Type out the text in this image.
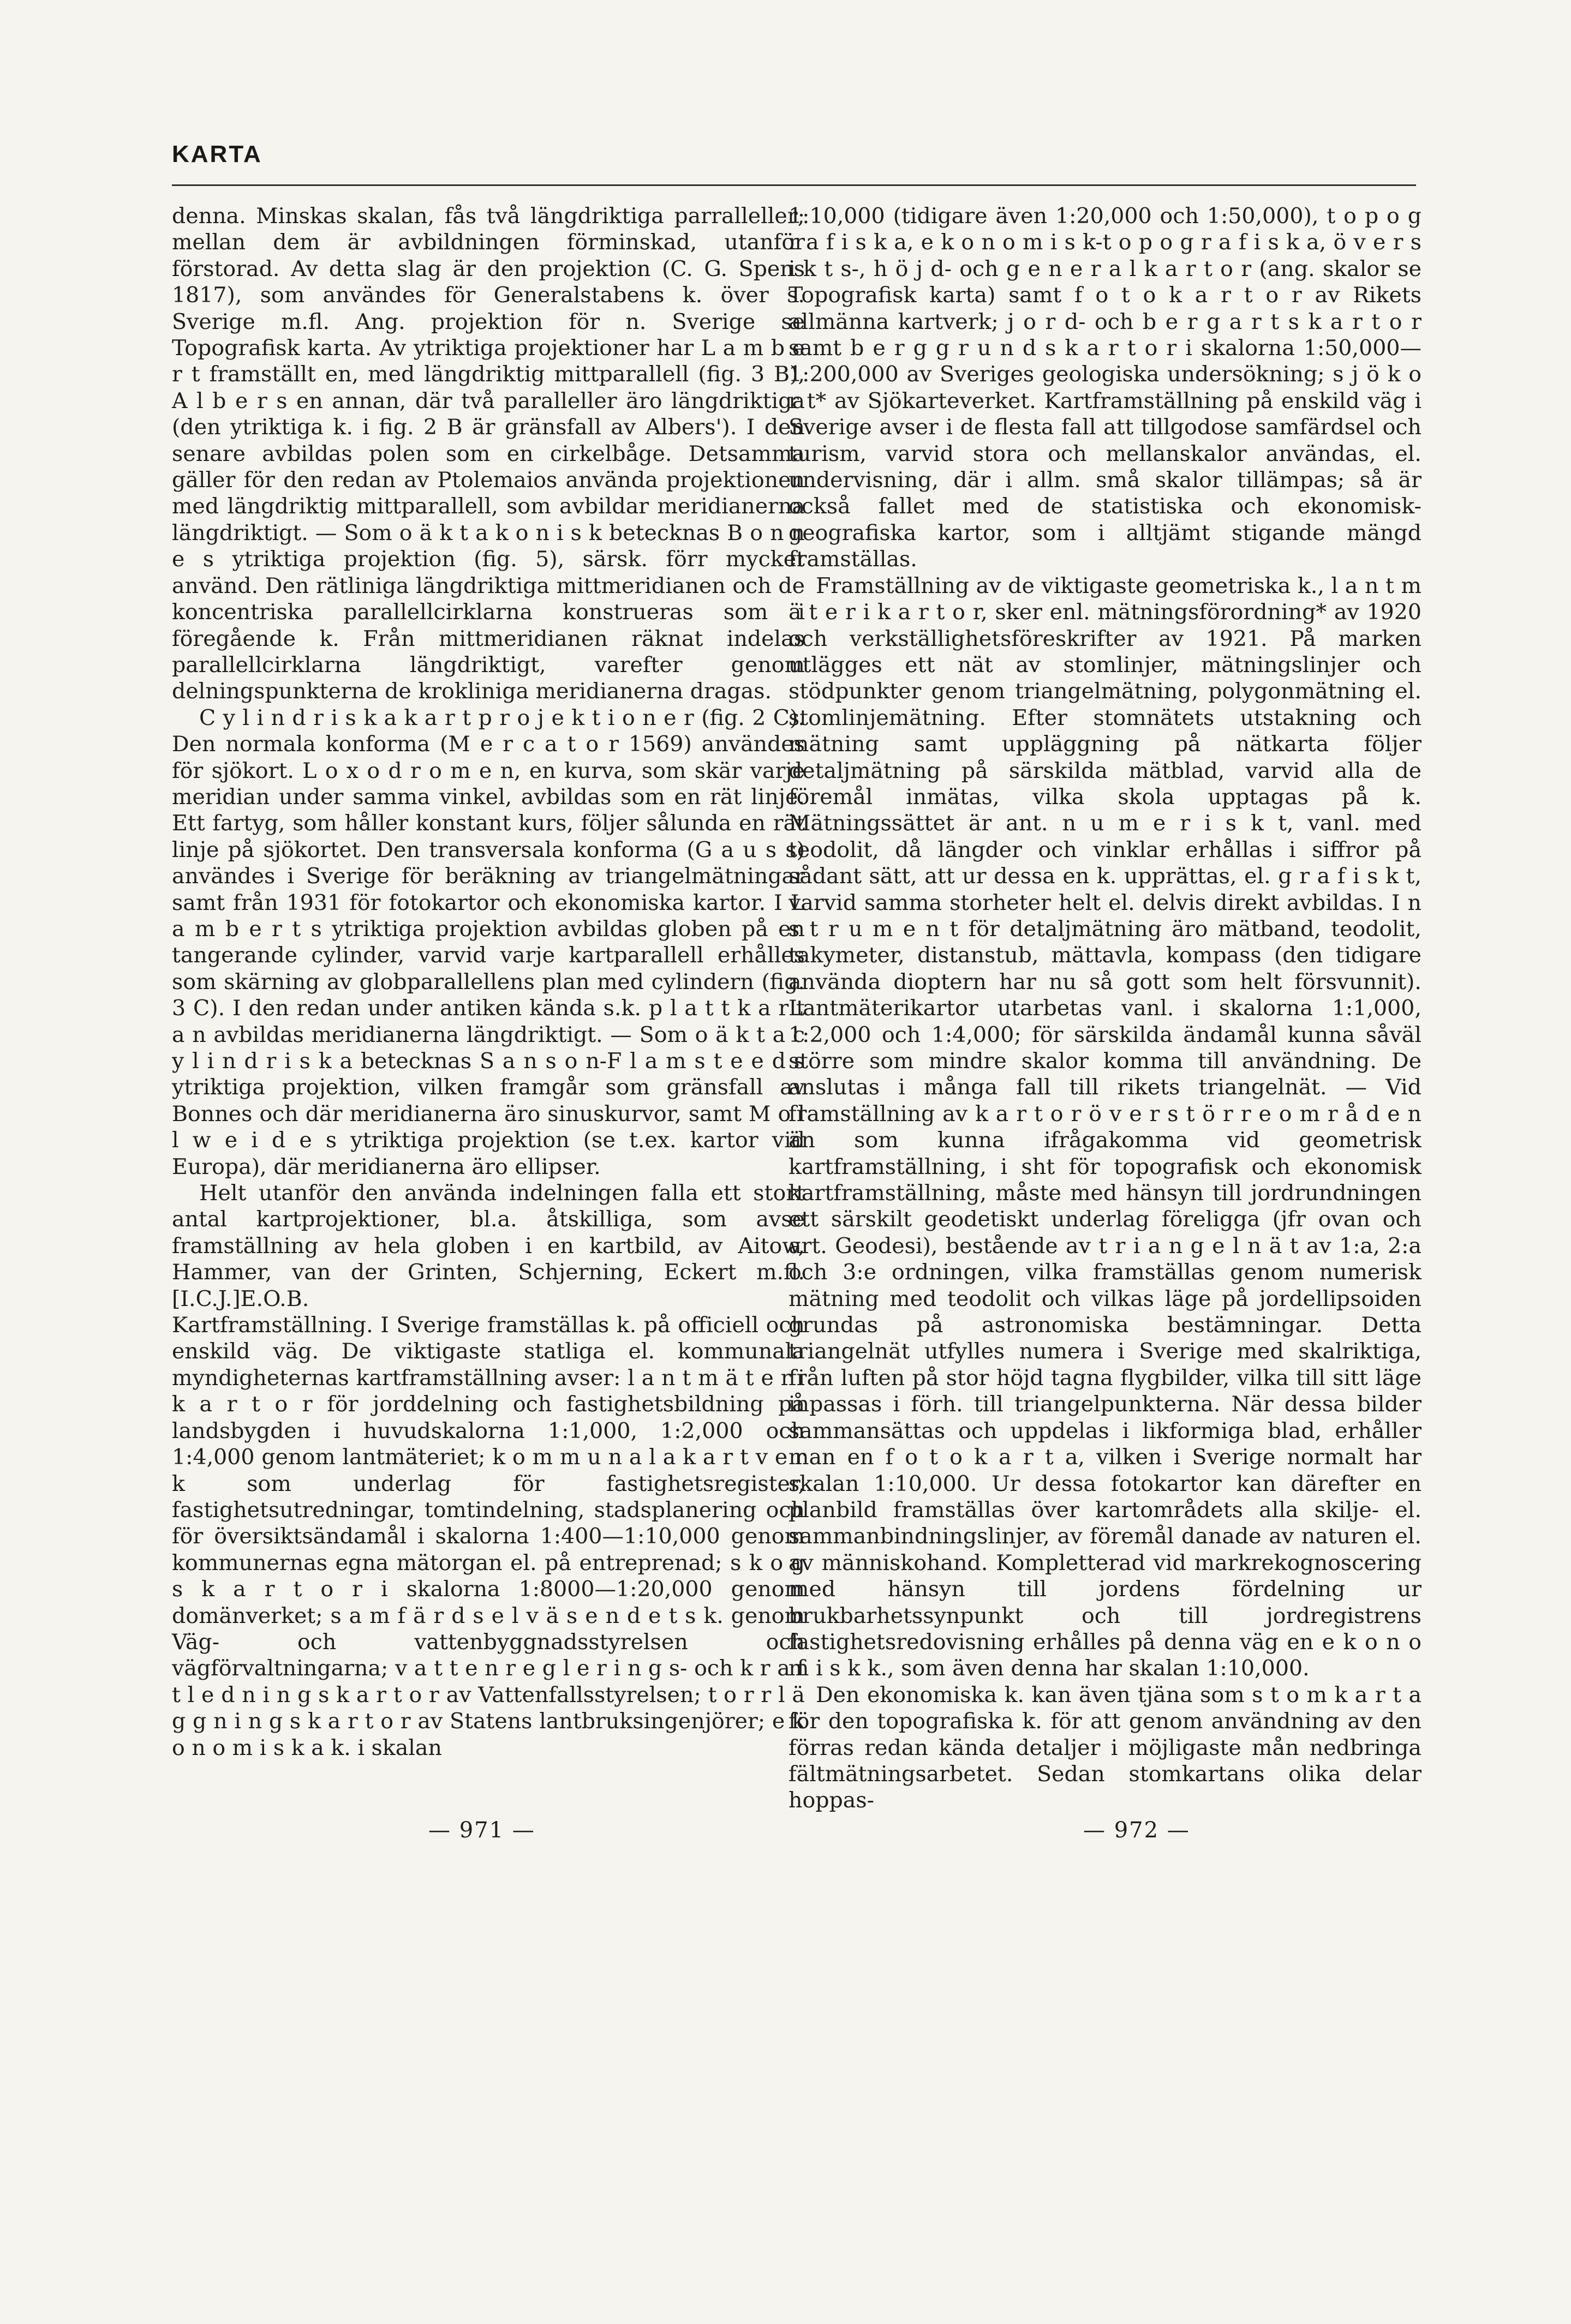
KARTA

denna. Minskas skalan, fås två längdriktiga parralleller; mellan dem är avbildningen förminskad, utanför förstorad. Av detta slag är den projektion (C. G. Spens 1817), som användes för Generalstabens k. över s. Sverige m.fl. Ang. projektion för n. Sverige se Topografisk karta. Av ytriktiga projektioner har L a m b e r t framställt en, med längdriktig mittparallell (fig. 3 B), A l b e r s en annan, där två paralleller äro längdriktiga (den ytriktiga k. i fig. 2 B är gränsfall av Albers'). I den senare avbildas polen som en cirkelbåge. Detsamma gäller för den redan av Ptolemaios använda projektionen med längdriktig mittparallell, som avbildar meridianerna längdriktigt. — Som o ä k t a k o n i s k betecknas B o n n e s ytriktiga projektion (fig. 5), särsk. förr mycket använd. Den rätliniga längdriktiga mittmeridianen och de koncentriska parallellcirklarna konstrueras som i föregående k. Från mittmeridianen räknat indelas parallellcirklarna längdriktigt, varefter genom delningspunkterna de krokliniga meridianerna dragas.

C y l i n d r i s k a k a r t p r o j e k t i o n e r (fig. 2 C). Den normala konforma (M e r c a t o r 1569) användes för sjökort. L o x o d r o m e n, en kurva, som skär varje meridian under samma vinkel, avbildas som en rät linje. Ett fartyg, som håller konstant kurs, följer sålunda en rät linje på sjökortet. Den transversala konforma (G a u s s) användes i Sverige för beräkning av triangelmätningar samt från 1931 för fotokartor och ekonomiska kartor. I L a m b e r t s ytriktiga projektion avbildas globen på en tangerande cylinder, varvid varje kartparallell erhålles som skärning av globparallellens plan med cylindern (fig. 3 C). I den redan under antiken kända s.k. p l a t t k a r t a n avbildas meridianerna längdriktigt. — Som o ä k t a c y l i n d r i s k a betecknas S a n s o n-F l a m s t e e d s ytriktiga projektion, vilken framgår som gränsfall av Bonnes och där meridianerna äro sinuskurvor, samt M o l l w e i d e s ytriktiga projektion (se t.ex. kartor vid Europa), där meridianerna äro ellipser.

Helt utanför den använda indelningen falla ett stort antal kartprojektioner, bl.a. åtskilliga, som avse framställning av hela globen i en kartbild, av Aitow, Hammer, van der Grinten, Schjerning, Eckert m.fl. [I.C.J.]E.O.B.

Kartframställning. I Sverige framställas k. på officiell och enskild väg. De viktigaste statliga el. kommunala myndigheternas kartframställning avser: l a n t m ä t e r i k a r t o r för jorddelning och fastighetsbildning på landsbygden i huvudskalorna 1:1,000, 1:2,000 och 1:4,000 genom lantmäteriet; k o m m u n a l a k a r t v e r k som underlag för fastighetsregister, fastighetsutredningar, tomtindelning, stadsplanering och för översiktsändamål i skalorna 1:400—1:10,000 genom kommunernas egna mätorgan el. på entreprenad; s k o g s k a r t o r i skalorna 1:8000—1:20,000 genom domänverket; s a m f ä r d s e l v ä s e n d e t s k. genom Väg- och vattenbyggnadsstyrelsen och vägförvaltningarna; v a t t e n r e g l e r i n g s- och k r a f t l e d n i n g s k a r t o r av Vattenfallsstyrelsen; t o r r l ä g g n i n g s k a r t o r av Statens lantbruksingenjörer; e k o n o m i s k a k. i skalan

1:10,000 (tidigare även 1:20,000 och 1:50,000), t o p o g r a f i s k a, e k o n o m i s k-t o p o g r a f i s k a, ö v e r s i k t s-, h ö j d- och g e n e r a l k a r t o r (ang. skalor se Topografisk karta) samt f o t o k a r t o r av Rikets allmänna kartverk; j o r d- och b e r g a r t s k a r t o r samt b e r g g r u n d s k a r t o r i skalorna 1:50,000—1:200,000 av Sveriges geologiska undersökning; s j ö k o r t* av Sjökarteverket. Kartframställning på enskild väg i Sverige avser i de flesta fall att tillgodose samfärdsel och turism, varvid stora och mellanskalor användas, el. undervisning, där i allm. små skalor tillämpas; så är också fallet med de statistiska och ekonomisk-geografiska kartor, som i alltjämt stigande mängd framställas.

Framställning av de viktigaste geometriska k., l a n t m ä t e r i k a r t o r, sker enl. mätningsförordning* av 1920 och verkställighetsföreskrifter av 1921. På marken utlägges ett nät av stomlinjer, mätningslinjer och stödpunkter genom triangelmätning, polygonmätning el. stomlinjemätning. Efter stomnätets utstakning och mätning samt uppläggning på nätkarta följer detaljmätning på särskilda mätblad, varvid alla de föremål inmätas, vilka skola upptagas på k. Mätningssättet är ant. n u m e r i s k t, vanl. med teodolit, då längder och vinklar erhållas i siffror på sådant sätt, att ur dessa en k. upprättas, el. g r a f i s k t, varvid samma storheter helt el. delvis direkt avbildas. I n s t r u m e n t för detaljmätning äro mätband, teodolit, takymeter, distanstub, mättavla, kompass (den tidigare använda dioptern har nu så gott som helt försvunnit). Lantmäterikartor utarbetas vanl. i skalorna 1:1,000, 1:2,000 och 1:4,000; för särskilda ändamål kunna såväl större som mindre skalor komma till användning. De anslutas i många fall till rikets triangelnät. — Vid framställning av k a r t o r ö v e r s t ö r r e o m r å d e n än som kunna ifrågakomma vid geometrisk kartframställning, i sht för topografisk och ekonomisk kartframställning, måste med hänsyn till jordrundningen ett särskilt geodetiskt underlag föreligga (jfr ovan och art. Geodesi), bestående av t r i a n g e l n ä t av 1:a, 2:a och 3:e ordningen, vilka framställas genom numerisk mätning med teodolit och vilkas läge på jordellipsoiden grundas på astronomiska bestämningar. Detta triangelnät utfylles numera i Sverige med skalriktiga, från luften på stor höjd tagna flygbilder, vilka till sitt läge inpassas i förh. till triangelpunkterna. När dessa bilder sammansättas och uppdelas i likformiga blad, erhåller man en f o t o k a r t a, vilken i Sverige normalt har skalan 1:10,000. Ur dessa fotokartor kan därefter en planbild framställas över kartområdets alla skilje- el. sammanbindningslinjer, av föremål danade av naturen el. av människohand. Kompletterad vid markrekognoscering med hänsyn till jordens fördelning ur brukbarhetssynpunkt och till jordregistrens fastighetsredovisning erhålles på denna väg en e k o n o m i s k k., som även denna har skalan 1:10,000.

Den ekonomiska k. kan även tjäna som s t o m k a r t a för den topografiska k. för att genom användning av den förras redan kända detaljer i möjligaste mån nedbringa fältmätningsarbetet. Sedan stomkartans olika delar hoppas-

— 971 —	— 972 —
